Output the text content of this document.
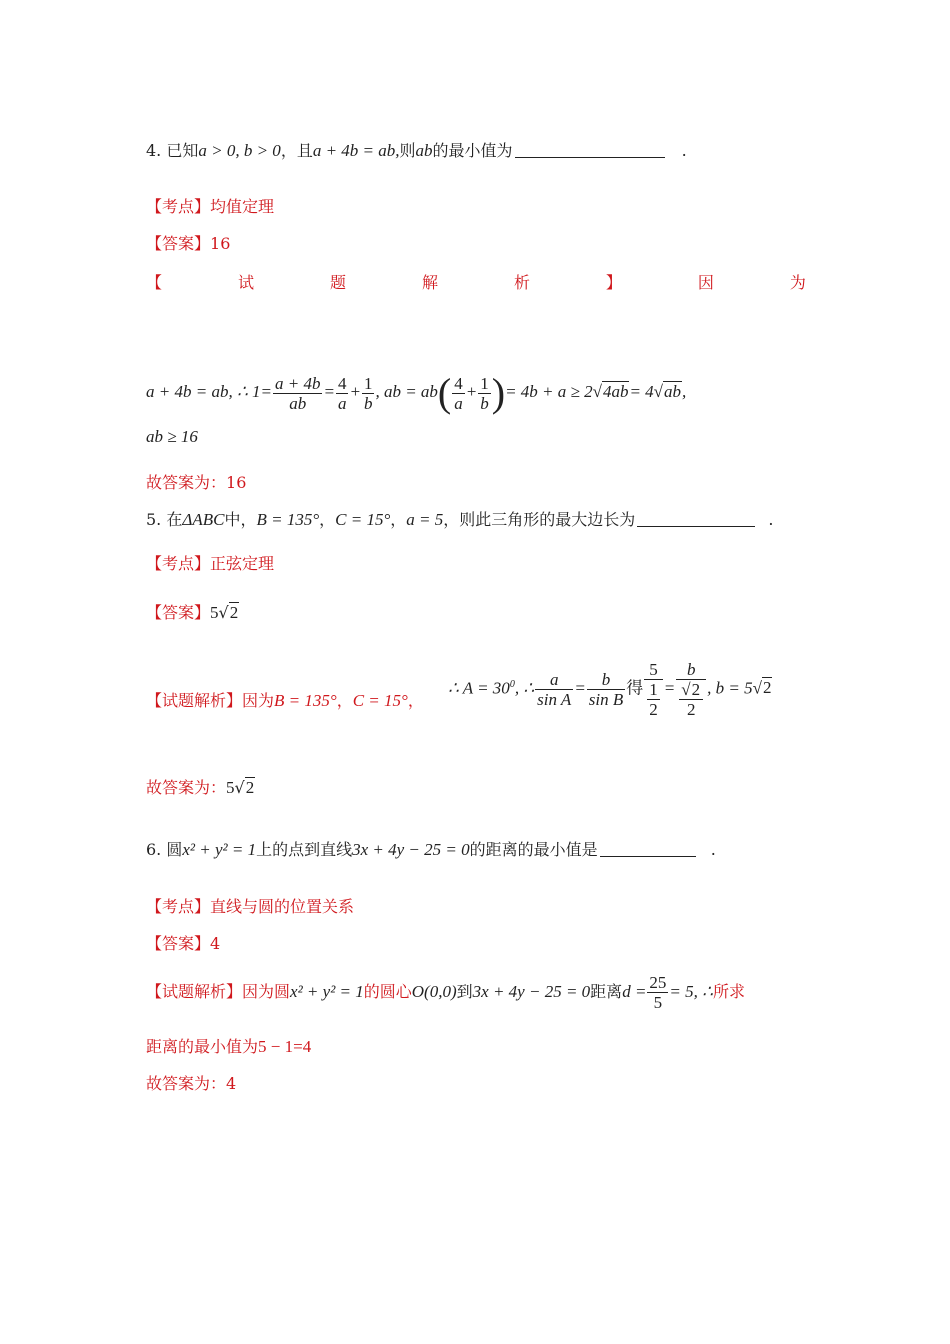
4. 已知a > 0, b > 0，且a + 4b = ab,则ab的最小值为	.
【考点】均值定理
【答案】16
【	试	题	解	析	】	因	为
a + 4b = ab, ∴ $1= \frac{a + 4b}{ab} = \frac{4}{a} + \frac{1}{b}$ , ab = $ab( \frac{4}{a} + \frac{1}{b}$ )= 4b + a ≥ 2√4ab= 4√ab,
ab ≥ 16
故答案为：16
5. 在ΔABC中，B = 135°，C = 15°，a = 5，则此三角形的最大边长为	.
【考点】正弦定理
【答案】5√2
【试题解析】因为B = 135°，C = 15°，
∴ $A = 30^0$, ∴ $\frac{a}{\text{sin A}} = \frac{b}{\text{sin B}}$ 得 $\frac{5}{\frac{1}{2}} = \frac{b}{\frac{√2}{2}}$ , b = 5√2
故答案为：5√2
6. 圆x² + y² = 1上的点到直线3x + 4y − 25 = 0的距离的最小值是	.
【考点】直线与圆的位置关系
【答案】4
【试题解析】因为圆x² + y² = 1的圆心O(0,0)到3x + 4y − 25 = 0距离$d = \frac{25}{5} = 5$, ∴所求
距离的最小值为5 − 1=4
故答案为：4
